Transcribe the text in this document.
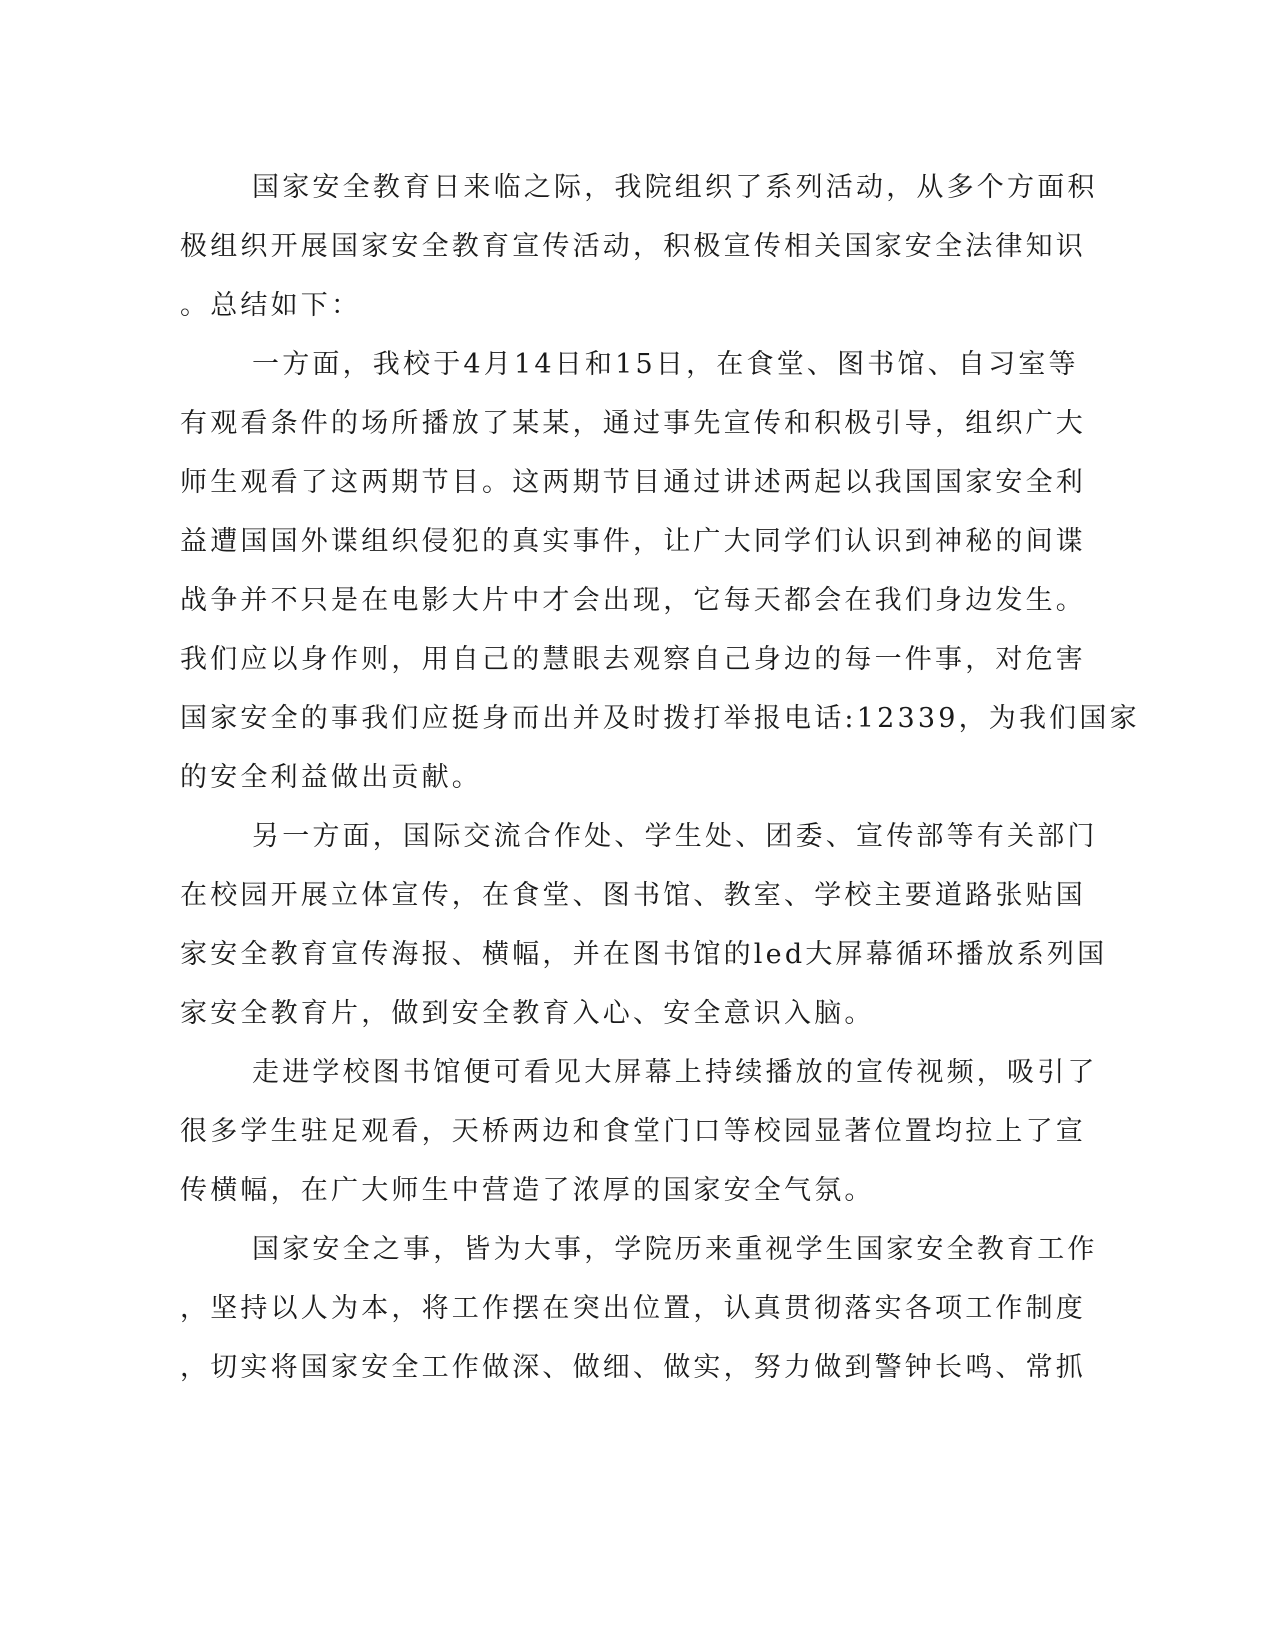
国家安全教育日来临之际，我院组织了系列活动，从多个方面积
极组织开展国家安全教育宣传活动，积极宣传相关国家安全法律知识
。总结如下：
一方面，我校于4月14日和15日，在食堂、图书馆、自习室等
有观看条件的场所播放了某某，通过事先宣传和积极引导，组织广大
师生观看了这两期节目。这两期节目通过讲述两起以我国国家安全利
益遭国国外谍组织侵犯的真实事件，让广大同学们认识到神秘的间谍
战争并不只是在电影大片中才会出现，它每天都会在我们身边发生。
我们应以身作则，用自己的慧眼去观察自己身边的每一件事，对危害
国家安全的事我们应挺身而出并及时拨打举报电话:12339，为我们国家
的安全利益做出贡献。
另一方面，国际交流合作处、学生处、团委、宣传部等有关部门
在校园开展立体宣传，在食堂、图书馆、教室、学校主要道路张贴国
家安全教育宣传海报、横幅，并在图书馆的led大屏幕循环播放系列国
家安全教育片，做到安全教育入心、安全意识入脑。
走进学校图书馆便可看见大屏幕上持续播放的宣传视频，吸引了
很多学生驻足观看，天桥两边和食堂门口等校园显著位置均拉上了宣
传横幅，在广大师生中营造了浓厚的国家安全气氛。
国家安全之事，皆为大事，学院历来重视学生国家安全教育工作
，坚持以人为本，将工作摆在突出位置，认真贯彻落实各项工作制度
，切实将国家安全工作做深、做细、做实，努力做到警钟长鸣、常抓
